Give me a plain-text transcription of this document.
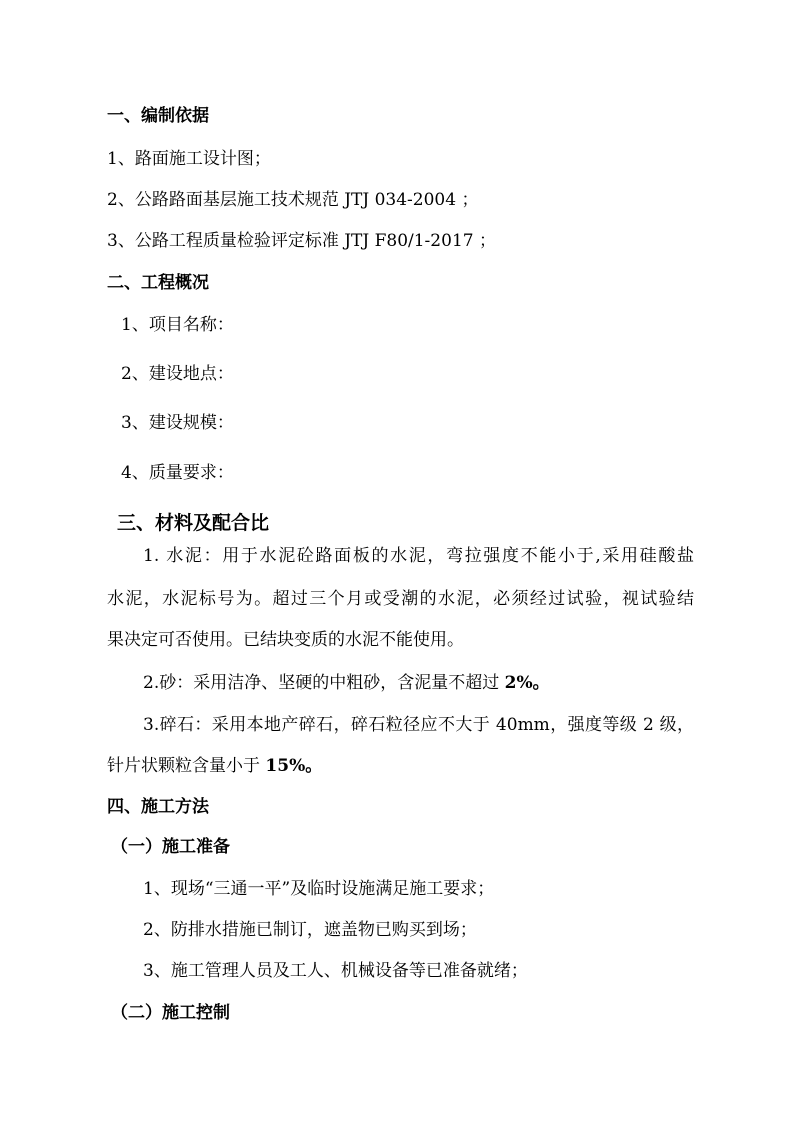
一、编制依据
1、路面施工设计图；
2、公路路面基层施工技术规范 JTJ 034-2004 ；
3、公路工程质量检验评定标准 JTJ F80/1-2017 ；
二、工程概况
1、项目名称：
2、建设地点：
3、建设规模：
4、质量要求：
三、材料及配合比
1. 水泥：用于水泥砼路面板的水泥，弯拉强度不能小于,采用硅酸盐
水泥，水泥标号为。超过三个月或受潮的水泥，必须经过试验，视试验结
果决定可否使用。已结块变质的水泥不能使用。
2.砂：采用洁净、坚硬的中粗砂，含泥量不超过 2%。
3.碎石：采用本地产碎石，碎石粒径应不大于 40mm，强度等级 2 级，
针片状颗粒含量小于 15%。
四、施工方法
（一）施工准备
1、现场“三通一平”及临时设施满足施工要求；
2、防排水措施已制订，遮盖物已购买到场；
3、施工管理人员及工人、机械设备等已准备就绪；
（二）施工控制
